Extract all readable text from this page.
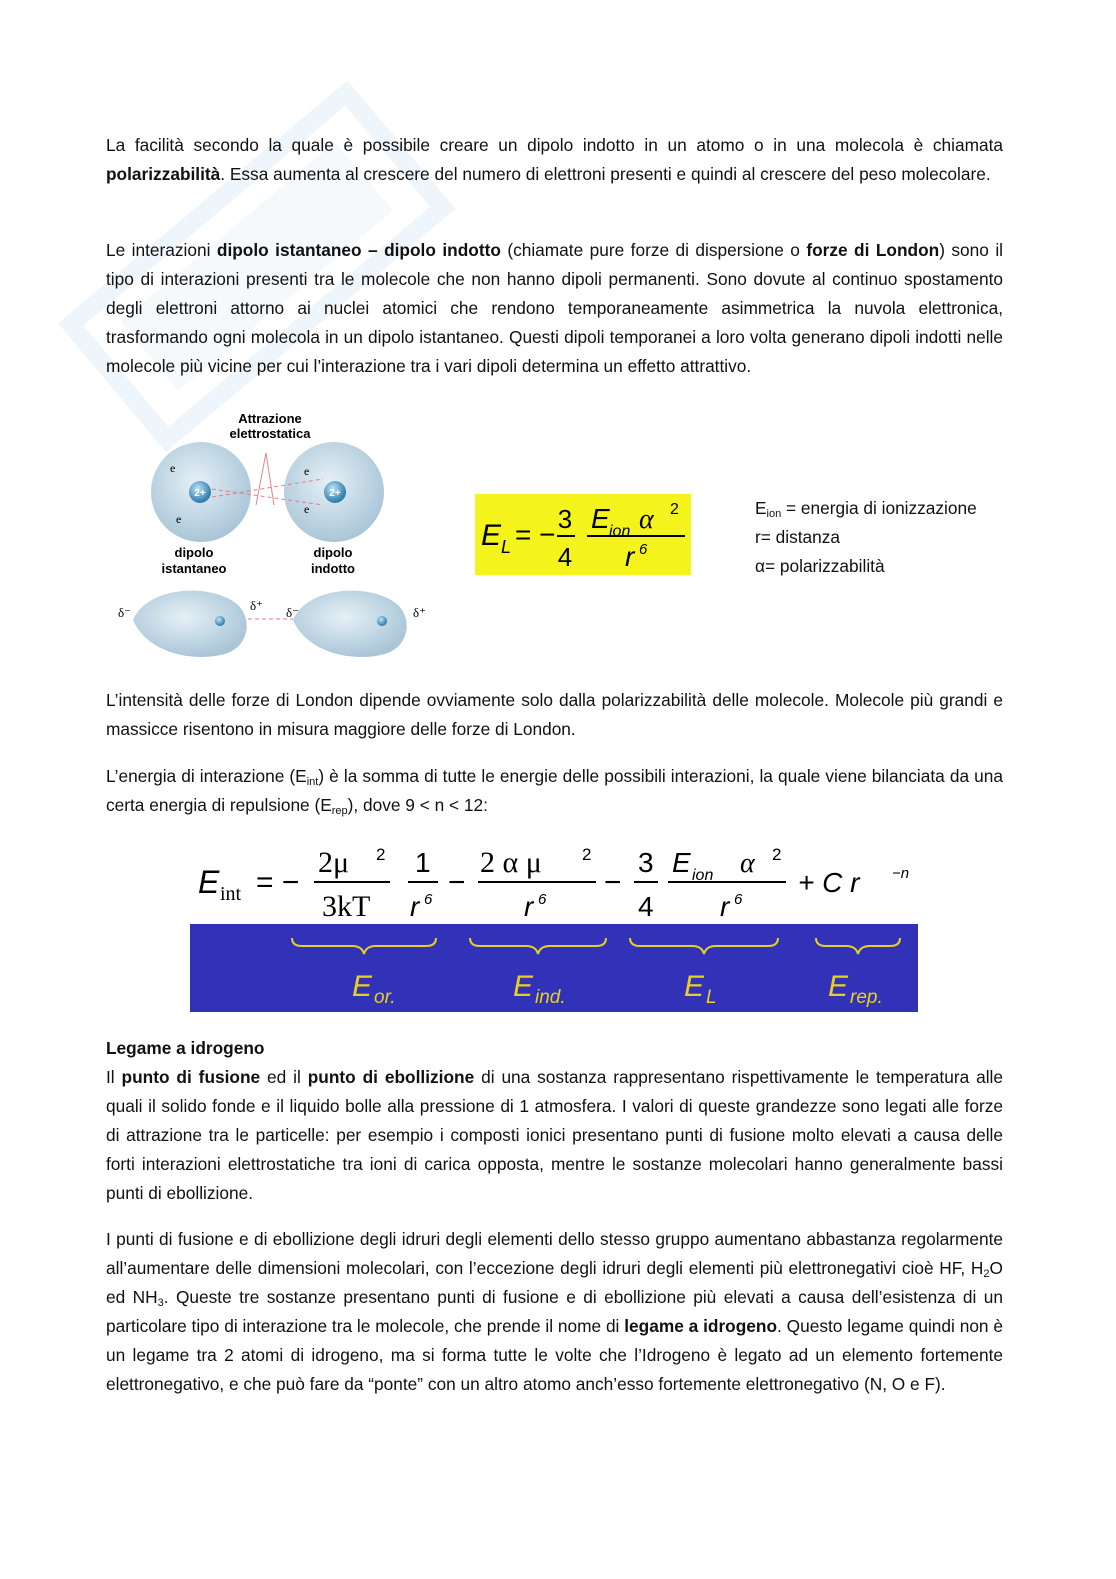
La facilità secondo la quale è possibile creare un dipolo indotto in un atomo o in una molecola è chiamata polarizzabilità. Essa aumenta al crescere del numero di elettroni presenti e quindi al crescere del peso molecolare.

Le interazioni dipolo istantaneo – dipolo indotto (chiamate pure forze di dispersione o forze di London) sono il tipo di interazioni presenti tra le molecole che non hanno dipoli permanenti. Sono dovute al continuo spostamento degli elettroni attorno ai nuclei atomici che rendono temporaneamente asimmetrica la nuvola elettronica, trasformando ogni molecola in un dipolo istantaneo. Questi dipoli temporanei a loro volta generano dipoli indotti nelle molecole più vicine per cui l’interazione tra i vari dipoli determina un effetto attrattivo.

Attrazione
elettrostatica
2+	2+
e
e
e
e
dipolo
istantaneo
dipolo
indotto
δ⁻	δ⁺ δ⁻	δ⁺
E L = − 3
4
E ion α 2
r 6
$E_{ion}$ = energia di ionizzazione
r= distanza
α= polarizzabilità

L’intensità delle forze di London dipende ovviamente solo dalla polarizzabilità delle molecole. Molecole più grandi e massicce risentono in misura maggiore delle forze di London.

L’energia di interazione $(E_{int})$ è la somma di tutte le energie delle possibili interazioni, la quale viene bilanciata da una certa energia di repulsione $(E_{rep})$, dove 9 < n < 12:

E int = −
2μ 2
3kT
1
r 6
−
2 α μ 2
r 6
−
3
4
E ion α 2
r 6
+ C r −n
E or.	E ind.	E L	E rep.

Legame a idrogeno

Il punto di fusione ed il punto di ebollizione di una sostanza rappresentano rispettivamente le temperatura alle quali il solido fonde e il liquido bolle alla pressione di 1 atmosfera. I valori di queste grandezze sono legati alle forze di attrazione tra le particelle: per esempio i composti ionici presentano punti di fusione molto elevati a causa delle forti interazioni elettrostatiche tra ioni di carica opposta, mentre le sostanze molecolari hanno generalmente bassi punti di ebollizione.

I punti di fusione e di ebollizione degli idruri degli elementi dello stesso gruppo aumentano abbastanza regolarmente all’aumentare delle dimensioni molecolari, con l’eccezione degli idruri degli elementi più elettronegativi cioè HF, $H_2O$ ed $NH_3$. Queste tre sostanze presentano punti di fusione e di ebollizione più elevati a causa dell’esistenza di un particolare tipo di interazione tra le molecole, che prende il nome di legame a idrogeno. Questo legame quindi non è un legame tra 2 atomi di idrogeno, ma si forma tutte le volte che l’Idrogeno è legato ad un elemento fortemente elettronegativo, e che può fare da “ponte” con un altro atomo anch’esso fortemente elettronegativo (N, O e F).
